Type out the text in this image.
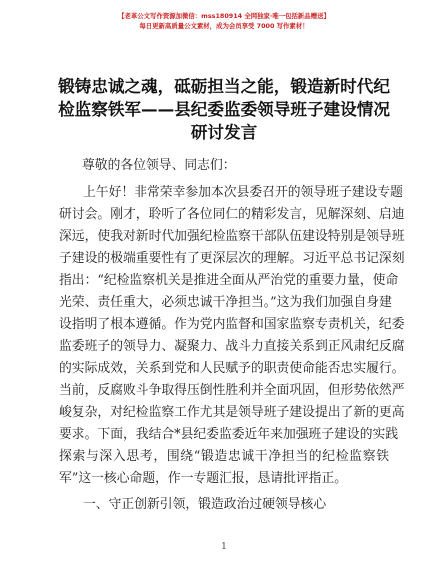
【老革公文写作资源加微信：mss180914 全网独家·唯一包括新品赠送】
每日更新高质量公文素材，成为会员享受 7000 写作素材！
锻铸忠诚之魂，砥砺担当之能，锻造新时代纪
检监察铁军——县纪委监委领导班子建设情况
研讨发言
尊敬的各位领导、同志们：
上午好！非常荣幸参加本次县委召开的领导班子建设专题
研讨会。刚才，聆听了各位同仁的精彩发言，见解深刻、启迪
深远，使我对新时代加强纪检监察干部队伍建设特别是领导班
子建设的极端重要性有了更深层次的理解。习近平总书记深刻
指出：“纪检监察机关是推进全面从严治党的重要力量，使命
光荣、责任重大，必须忠诚干净担当。”这为我们加强自身建
设指明了根本遵循。作为党内监督和国家监察专责机关，纪委
监委班子的领导力、凝聚力、战斗力直接关系到正风肃纪反腐
的实际成效，关系到党和人民赋予的职责使命能否忠实履行。
当前，反腐败斗争取得压倒性胜利并全面巩固，但形势依然严
峻复杂，对纪检监察工作尤其是领导班子建设提出了新的更高
要求。下面，我结合*县纪委监委近年来加强班子建设的实践
探索与深入思考，围绕“锻造忠诚干净担当的纪检监察铁
军”这一核心命题，作一专题汇报，恳请批评指正。
一、守正创新引领，锻造政治过硬领导核心
1
